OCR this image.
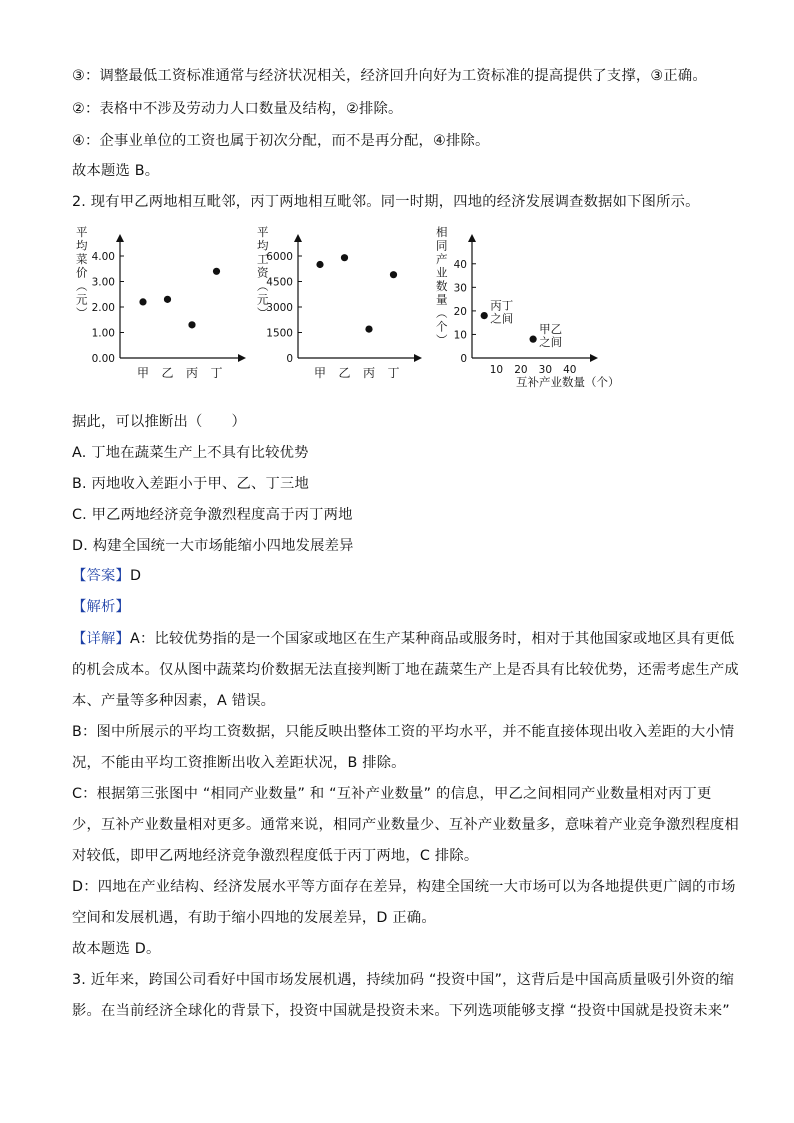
③：调整最低工资标准通常与经济状况相关，经济回升向好为工资标准的提高提供了支撑，③正确。
②：表格中不涉及劳动力人口数量及结构，②排除。
④：企事业单位的工资也属于初次分配，而不是再分配，④排除。
故本题选 B。
2. 现有甲乙两地相互毗邻，丙丁两地相互毗邻。同一时期，四地的经济发展调查数据如下图所示。
平均菜价︵元︶
0.00
1.00
2.00
3.00
4.00
甲 乙 丙 丁
平均工资︵元︶
0
1500
3000
4500
6000
甲 乙 丙 丁
相同产业数量︵个︶
0
10
20
30
40
10 20 30 40
丙丁
之间
甲乙
之间
互补产业数量（个）
据此，可以推断出（　　）
A. 丁地在蔬菜生产上不具有比较优势
B. 丙地收入差距小于甲、乙、丁三地
C. 甲乙两地经济竞争激烈程度高于丙丁两地
D. 构建全国统一大市场能缩小四地发展差异
【答案】D
【解析】
【详解】A：比较优势指的是一个国家或地区在生产某种商品或服务时，相对于其他国家或地区具有更低
的机会成本。仅从图中蔬菜均价数据无法直接判断丁地在蔬菜生产上是否具有比较优势，还需考虑生产成
本、产量等多种因素，A 错误。
B：图中所展示的平均工资数据，只能反映出整体工资的平均水平，并不能直接体现出收入差距的大小情
况，不能由平均工资推断出收入差距状况，B 排除。
C：根据第三张图中 “相同产业数量” 和 “互补产业数量” 的信息，甲乙之间相同产业数量相对丙丁更
少，互补产业数量相对更多。通常来说，相同产业数量少、互补产业数量多，意味着产业竞争激烈程度相
对较低，即甲乙两地经济竞争激烈程度低于丙丁两地，C 排除。
D：四地在产业结构、经济发展水平等方面存在差异，构建全国统一大市场可以为各地提供更广阔的市场
空间和发展机遇，有助于缩小四地的发展差异，D 正确。
故本题选 D。
3. 近年来，跨国公司看好中国市场发展机遇，持续加码 “投资中国”，这背后是中国高质量吸引外资的缩
影。在当前经济全球化的背景下，投资中国就是投资未来。下列选项能够支撑 “投资中国就是投资未来”
